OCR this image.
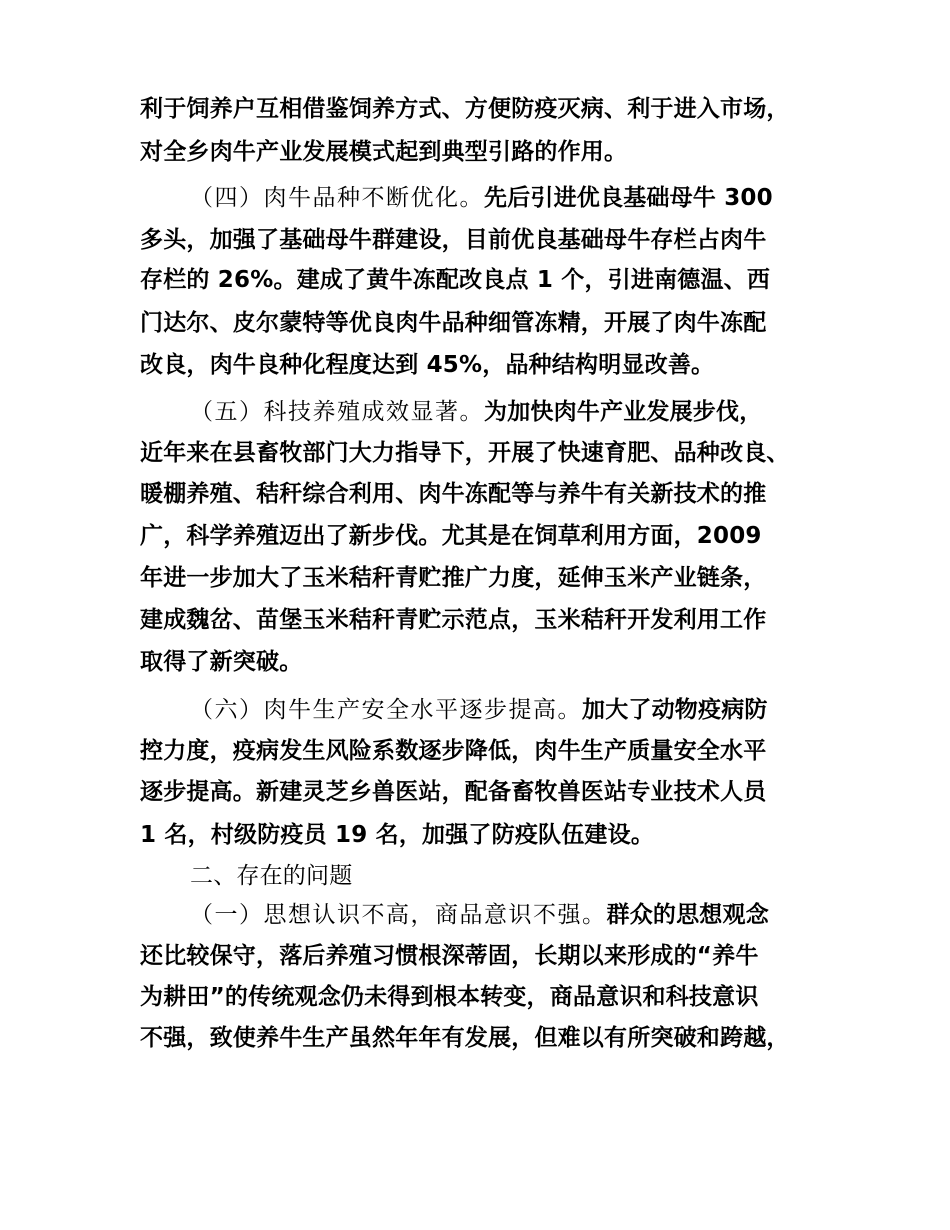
利于饲养户互相借鉴饲养方式、方便防疫灭病、利于进入市场，
对全乡肉牛产业发展模式起到典型引路的作用。
（四）肉牛品种不断优化。先后引进优良基础母牛 300
多头，加强了基础母牛群建设，目前优良基础母牛存栏占肉牛
存栏的 26%。建成了黄牛冻配改良点 1 个，引进南德温、西
门达尔、皮尔蒙特等优良肉牛品种细管冻精，开展了肉牛冻配
改良，肉牛良种化程度达到 45%，品种结构明显改善。
（五）科技养殖成效显著。为加快肉牛产业发展步伐，
近年来在县畜牧部门大力指导下，开展了快速育肥、品种改良、
暖棚养殖、秸秆综合利用、肉牛冻配等与养牛有关新技术的推
广，科学养殖迈出了新步伐。尤其是在饲草利用方面，2009
年进一步加大了玉米秸秆青贮推广力度，延伸玉米产业链条，
建成魏岔、苗堡玉米秸秆青贮示范点，玉米秸秆开发利用工作
取得了新突破。
（六）肉牛生产安全水平逐步提高。加大了动物疫病防
控力度，疫病发生风险系数逐步降低，肉牛生产质量安全水平
逐步提高。新建灵芝乡兽医站，配备畜牧兽医站专业技术人员
1 名，村级防疫员 19 名，加强了防疫队伍建设。
二、存在的问题
（一）思想认识不高，商品意识不强。群众的思想观念
还比较保守，落后养殖习惯根深蒂固，长期以来形成的“养牛
为耕田”的传统观念仍未得到根本转变，商品意识和科技意识
不强，致使养牛生产虽然年年有发展，但难以有所突破和跨越，
